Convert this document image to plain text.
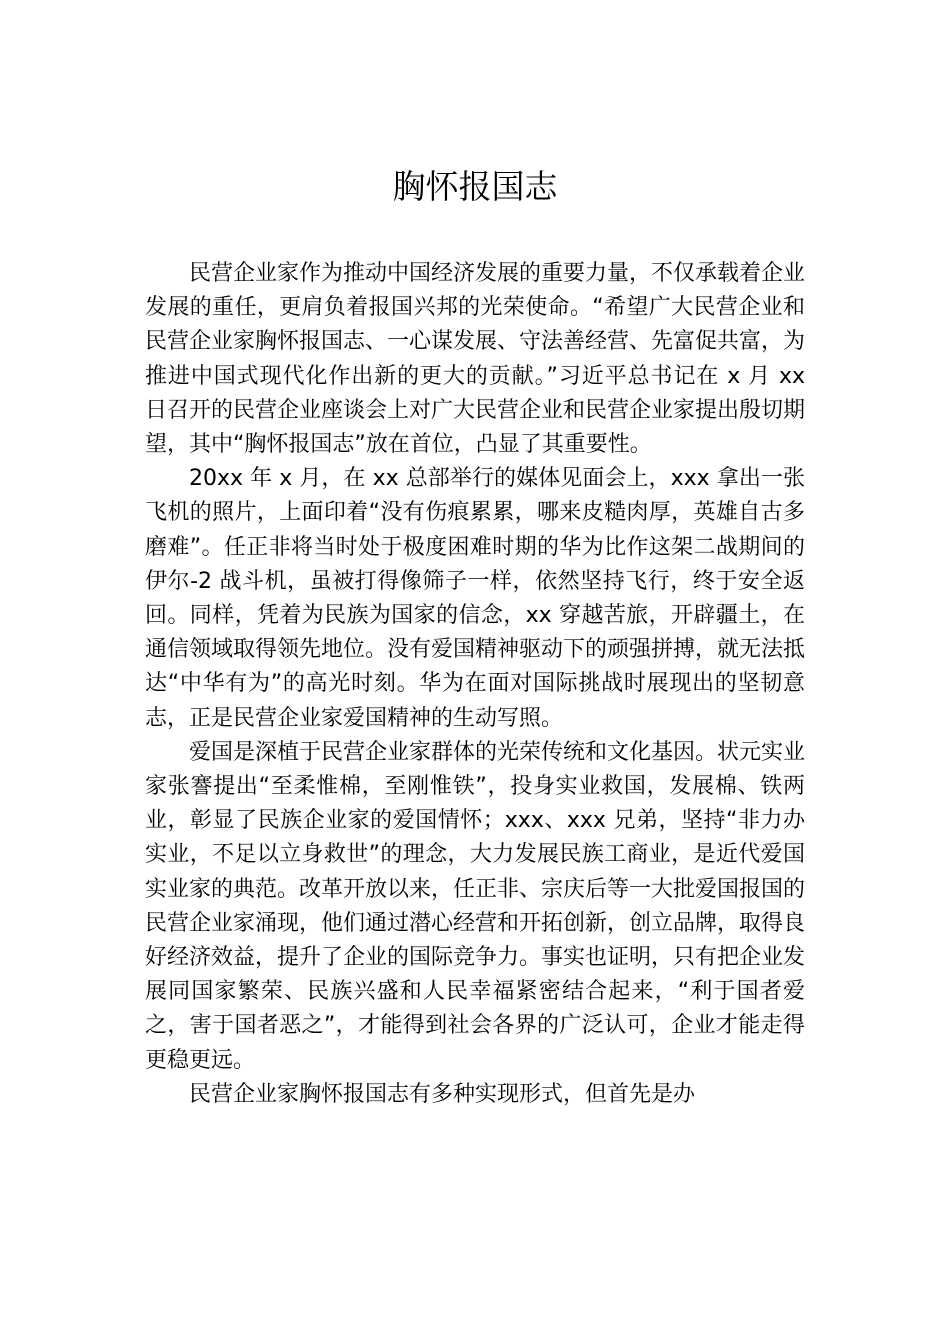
胸怀报国志

民营企业家作为推动中国经济发展的重要力量，不仅承载着企业发展的重任，更肩负着报国兴邦的光荣使命。“希望广大民营企业和民营企业家胸怀报国志、一心谋发展、守法善经营、先富促共富，为推进中国式现代化作出新的更大的贡献。”习近平总书记在 x 月 xx 日召开的民营企业座谈会上对广大民营企业和民营企业家提出殷切期望，其中“胸怀报国志”放在首位，凸显了其重要性。

20xx 年 x 月，在 xx 总部举行的媒体见面会上，xxx 拿出一张飞机的照片，上面印着“没有伤痕累累，哪来皮糙肉厚，英雄自古多磨难”。任正非将当时处于极度困难时期的华为比作这架二战期间的伊尔-2 战斗机，虽被打得像筛子一样，依然坚持飞行，终于安全返回。同样，凭着为民族为国家的信念，xx 穿越苦旅，开辟疆土，在通信领域取得领先地位。没有爱国精神驱动下的顽强拼搏，就无法抵达“中华有为”的高光时刻。华为在面对国际挑战时展现出的坚韧意志，正是民营企业家爱国精神的生动写照。

爱国是深植于民营企业家群体的光荣传统和文化基因。状元实业家张謇提出“至柔惟棉，至刚惟铁”，投身实业救国，发展棉、铁两业，彰显了民族企业家的爱国情怀；xxx、xxx 兄弟，坚持“非力办实业，不足以立身救世”的理念，大力发展民族工商业，是近代爱国实业家的典范。改革开放以来，任正非、宗庆后等一大批爱国报国的民营企业家涌现，他们通过潜心经营和开拓创新，创立品牌，取得良好经济效益，提升了企业的国际竞争力。事实也证明，只有把企业发展同国家繁荣、民族兴盛和人民幸福紧密结合起来，“利于国者爱之，害于国者恶之”，才能得到社会各界的广泛认可，企业才能走得更稳更远。

民营企业家胸怀报国志有多种实现形式，但首先是办
